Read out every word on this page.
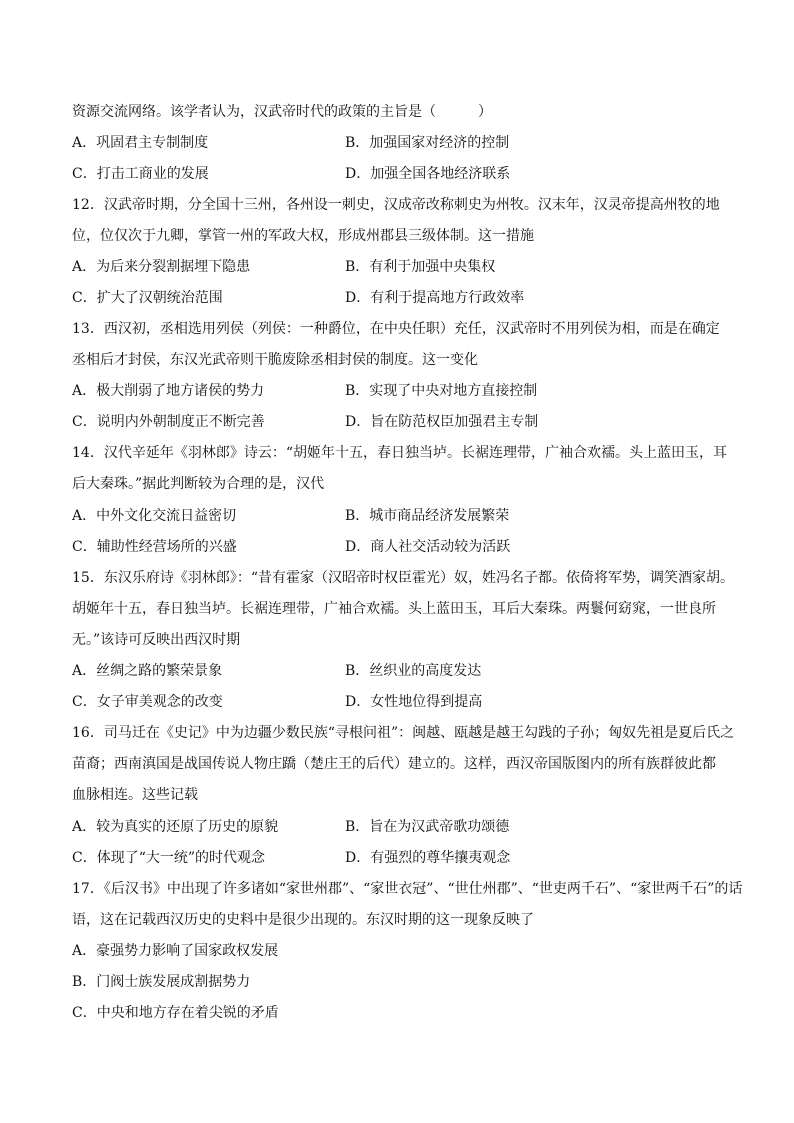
资源交流网络。该学者认为，汉武帝时代的政策的主旨是（　　　）
A．巩固君主专制制度	B．加强国家对经济的控制
C．打击工商业的发展	D．加强全国各地经济联系
12．汉武帝时期，分全国十三州，各州设一刺史，汉成帝改称刺史为州牧。汉末年，汉灵帝提高州牧的地
位，位仅次于九卿，掌管一州的军政大权，形成州郡县三级体制。这一措施
A．为后来分裂割据埋下隐患	B．有利于加强中央集权
C．扩大了汉朝统治范围	D．有利于提高地方行政效率
13．西汉初，丞相选用列侯（列侯：一种爵位，在中央任职）充任，汉武帝时不用列侯为相，而是在确定
丞相后才封侯，东汉光武帝则干脆废除丞相封侯的制度。这一变化
A．极大削弱了地方诸侯的势力	B．实现了中央对地方直接控制
C．说明内外朝制度正不断完善	D．旨在防范权臣加强君主专制
14．汉代辛延年《羽林郎》诗云：“胡姬年十五，春日独当垆。长裾连理带，广袖合欢襦。头上蓝田玉，耳
后大秦珠。”据此判断较为合理的是，汉代
A．中外文化交流日益密切	B．城市商品经济发展繁荣
C．辅助性经营场所的兴盛	D．商人社交活动较为活跃
15．东汉乐府诗《羽林郎》：“昔有霍家（汉昭帝时权臣霍光）奴，姓冯名子都。依倚将军势，调笑酒家胡。
胡姬年十五，春日独当垆。长裾连理带，广袖合欢襦。头上蓝田玉，耳后大秦珠。两鬟何窈窕，一世良所
无。”该诗可反映出西汉时期
A．丝绸之路的繁荣景象	B．丝织业的高度发达
C．女子审美观念的改变	D．女性地位得到提高
16．司马迁在《史记》中为边疆少数民族“寻根问祖”：闽越、瓯越是越王勾践的子孙；匈奴先祖是夏后氏之
苗裔；西南滇国是战国传说人物庄蹻（楚庄王的后代）建立的。这样，西汉帝国版图内的所有族群彼此都
血脉相连。这些记载
A．较为真实的还原了历史的原貌	B．旨在为汉武帝歌功颂德
C．体现了“大一统”的时代观念	D．有强烈的尊华攘夷观念
17．《后汉书》中出现了许多诸如“家世州郡”、“家世衣冠”、“世仕州郡”、“世吏两千石”、“家世两千石”的话
语，这在记载西汉历史的史料中是很少出现的。东汉时期的这一现象反映了
A．豪强势力影响了国家政权发展
B．门阀士族发展成割据势力
C．中央和地方存在着尖锐的矛盾
